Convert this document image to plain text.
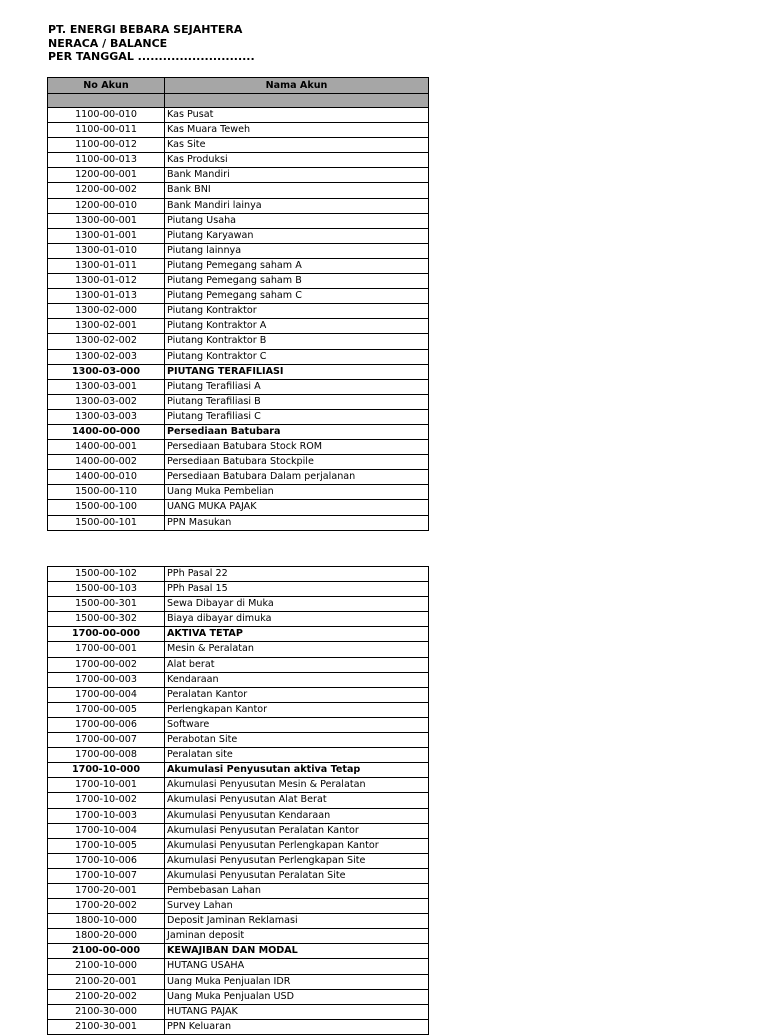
PT. ENERGI BEBARA SEJAHTERA
NERACA / BALANCE
PER TANGGAL ............................
No Akun	Nama Akun

1100-00-010	Kas Pusat
1100-00-011	Kas Muara Teweh
1100-00-012	Kas Site
1100-00-013	Kas Produksi
1200-00-001	Bank Mandiri
1200-00-002	Bank BNI
1200-00-010	Bank Mandiri lainya
1300-00-001	Piutang Usaha
1300-01-001	Piutang Karyawan
1300-01-010	Piutang lainnya
1300-01-011	Piutang Pemegang saham A
1300-01-012	Piutang Pemegang saham B
1300-01-013	Piutang Pemegang saham C
1300-02-000	Piutang Kontraktor
1300-02-001	Piutang Kontraktor A
1300-02-002	Piutang Kontraktor B
1300-02-003	Piutang Kontraktor C
1300-03-000	PIUTANG TERAFILIASI
1300-03-001	Piutang Terafiliasi A
1300-03-002	Piutang Terafiliasi B
1300-03-003	Piutang Terafiliasi C
1400-00-000	Persediaan Batubara
1400-00-001	Persediaan Batubara Stock ROM
1400-00-002	Persediaan Batubara Stockpile
1400-00-010	Persediaan Batubara Dalam perjalanan
1500-00-110	Uang Muka Pembelian
1500-00-100	UANG MUKA PAJAK
1500-00-101	PPN Masukan
1500-00-102	PPh Pasal 22
1500-00-103	PPh Pasal 15
1500-00-301	Sewa Dibayar di Muka
1500-00-302	Biaya dibayar dimuka
1700-00-000	AKTIVA TETAP
1700-00-001	Mesin & Peralatan
1700-00-002	Alat berat
1700-00-003	Kendaraan
1700-00-004	Peralatan Kantor
1700-00-005	Perlengkapan Kantor
1700-00-006	Software
1700-00-007	Perabotan Site
1700-00-008	Peralatan site
1700-10-000	Akumulasi Penyusutan aktiva Tetap
1700-10-001	Akumulasi Penyusutan Mesin & Peralatan
1700-10-002	Akumulasi Penyusutan Alat Berat
1700-10-003	Akumulasi Penyusutan Kendaraan
1700-10-004	Akumulasi Penyusutan Peralatan Kantor
1700-10-005	Akumulasi Penyusutan Perlengkapan Kantor
1700-10-006	Akumulasi Penyusutan Perlengkapan Site
1700-10-007	Akumulasi Penyusutan Peralatan Site
1700-20-001	Pembebasan Lahan
1700-20-002	Survey Lahan
1800-10-000	Deposit Jaminan Reklamasi
1800-20-000	Jaminan deposit
2100-00-000	KEWAJIBAN DAN MODAL
2100-10-000	HUTANG USAHA
2100-20-001	Uang Muka Penjualan IDR
2100-20-002	Uang Muka Penjualan USD
2100-30-000	HUTANG PAJAK
2100-30-001	PPN Keluaran
